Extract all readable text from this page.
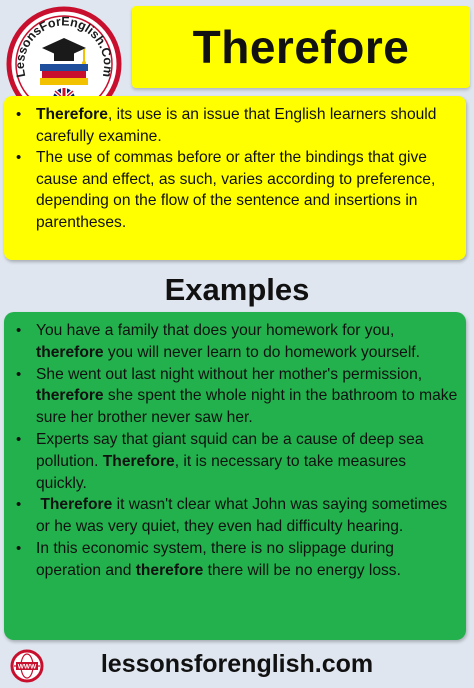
LessonsForEnglish.Com Therefore
• Therefore, its use is an issue that English learners should carefully examine.
• The use of commas before or after the bindings that give cause and effect, as such, varies according to preference, depending on the flow of the sentence and insertions in parentheses.
Examples
• You have a family that does your homework for you, therefore you will never learn to do homework yourself.
• She went out last night without her mother's permission, therefore she spent the whole night in the bathroom to make sure her brother never saw her.
• Experts say that giant squid can be a cause of deep sea pollution. Therefore, it is necessary to take measures quickly.
• Therefore it wasn't clear what John was saying sometimes or he was very quiet, they even had difficulty hearing.
• In this economic system, there is no slippage during operation and therefore there will be no energy loss.
lessonsforenglish.com
WWW
